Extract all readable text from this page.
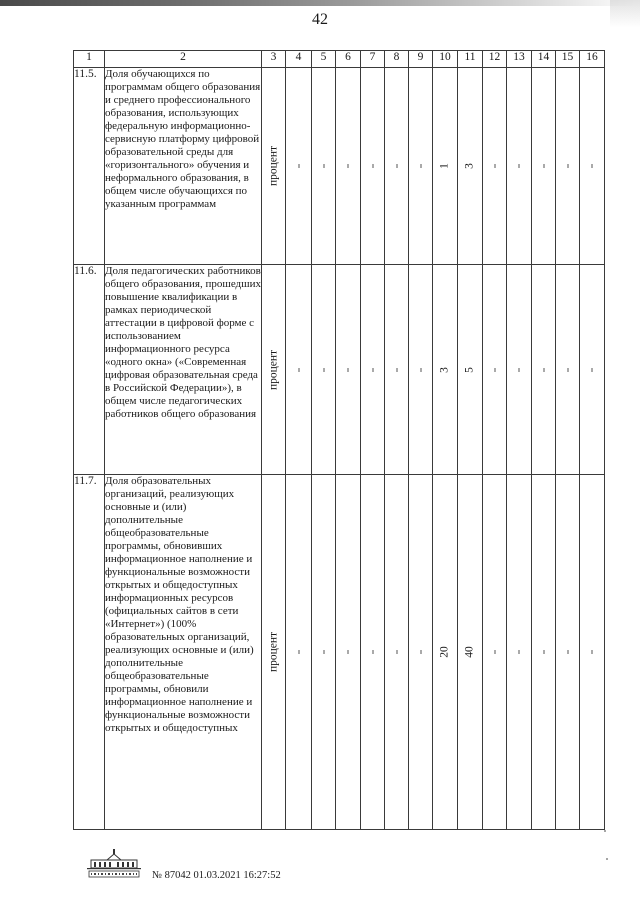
42
1	2	3	4	5	6	7	8	9	10	11	12	13	14	15	16
11.5.	Доля обучающихся по программам общего образования и среднего профессионального образования, использующих федеральную информационно-сервисную платформу цифровой образовательной среды для «горизонтального» обучения и неформального образования, в общем числе обучающихся по указанным программам	процент							1	3					

11.6.	Доля педагогических работников общего образования, прошедших повышение квалификации в рамках периодической аттестации в цифровой форме с использованием информационного ресурса «одного окна» («Современная цифровая образовательная среда в Российской Федерации»), в общем числе педагогических работников общего образования	процент							3	5					

11.7.	Доля образовательных организаций, реализующих основные и (или) дополнительные общеобразовательные программы, обновивших информационное наполнение и функциональные возможности открытых и общедоступных информационных ресурсов (официальных сайтов в сети «Интернет») (100% образовательных организаций, реализующих основные и (или) дополнительные общеобразовательные программы, обновили информационное наполнение и функциональные возможности открытых и общедоступных	процент							20	40					

№ 87042 01.03.2021 16:27:52
